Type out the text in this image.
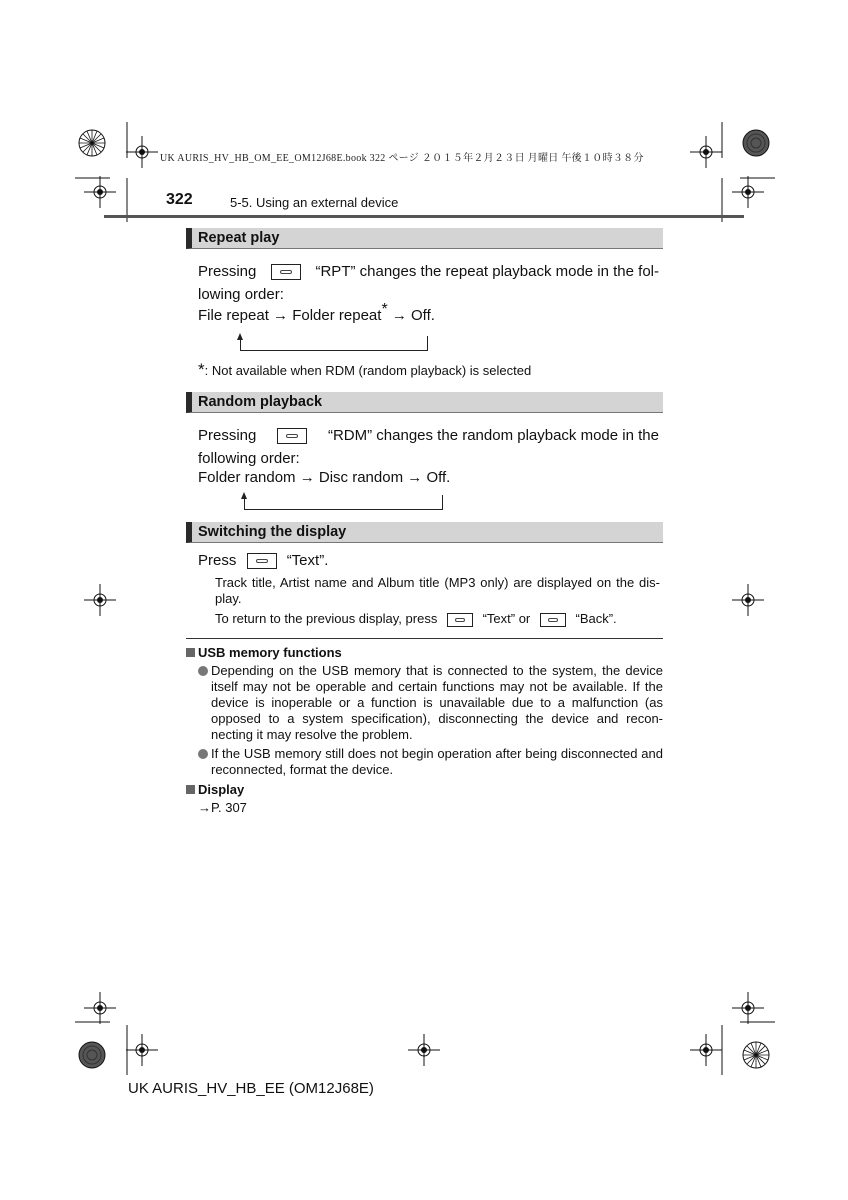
UK AURIS_HV_HB_OM_EE_OM12J68E.book 322 ページ ２０１５年２月２３日 月曜日 午後１０時３８分
322	5-5. Using an external device
Repeat play
Pressing	“RPT” changes the repeat playback mode in the fol-
lowing order:
File repeat → Folder repeat* → Off.
*: Not available when RDM (random playback) is selected
Random playback
Pressing	“RDM” changes the random playback mode in the
following order:
Folder random → Disc random → Off.
Switching the display
Press	“Text”.
Track title, Artist name and Album title (MP3 only) are displayed on the dis-play.
To return to the previous display, press	“Text” or	“Back”.
USB memory functions
Depending on the USB memory that is connected to the system, the device itself may not be operable and certain functions may not be available. If the device is inoperable or a function is unavailable due to a malfunction (as opposed to a system specification), disconnecting the device and recon-necting it may resolve the problem.
If the USB memory still does not begin operation after being disconnected and reconnected, format the device.
Display
→P. 307
UK AURIS_HV_HB_EE (OM12J68E)
